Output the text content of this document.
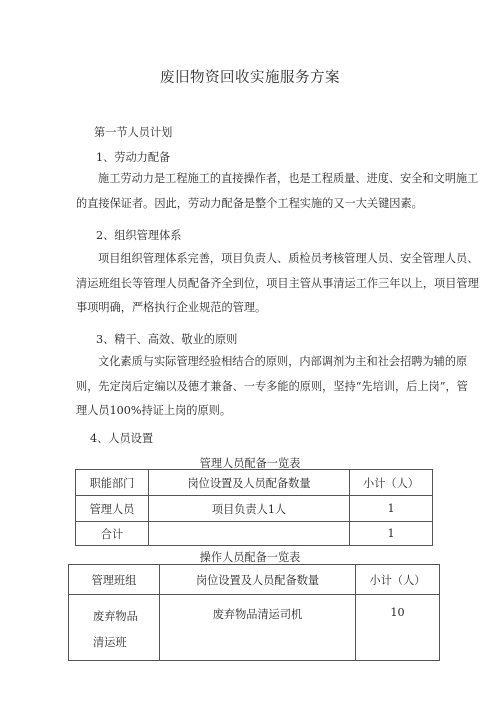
废旧物资回收实施服务方案
第一节人员计划
1、劳动力配备
施工劳动力是工程施工的直接操作者，也是工程质量、进度、安全和文明施工
的直接保证者。因此，劳动力配备是整个工程实施的又一大关键因素。
2、组织管理体系
项目组织管理体系完善，项目负责人、质检员考核管理人员、安全管理人员、
清运班组长等管理人员配备齐全到位，项目主管从事清运工作三年以上，项目管理
事项明确，严格执行企业规范的管理。
3、精干、高效、敬业的原则
文化素质与实际管理经验相结合的原则，内部调剂为主和社会招聘为辅的原
则，先定岗后定编以及德才兼备、一专多能的原则，坚持“先培训，后上岗”，管
理人员100%持证上岗的原则。
4、人员设置
管理人员配备一览表
职能部门	岗位设置及人员配备数量	小计（人）
管理人员	项目负责人1人	1
合计		1
操作人员配备一览表
管理班组	岗位设置及人员配备数量	小计（人）

废弃物品
清运班	废弃物品清运司机	10
